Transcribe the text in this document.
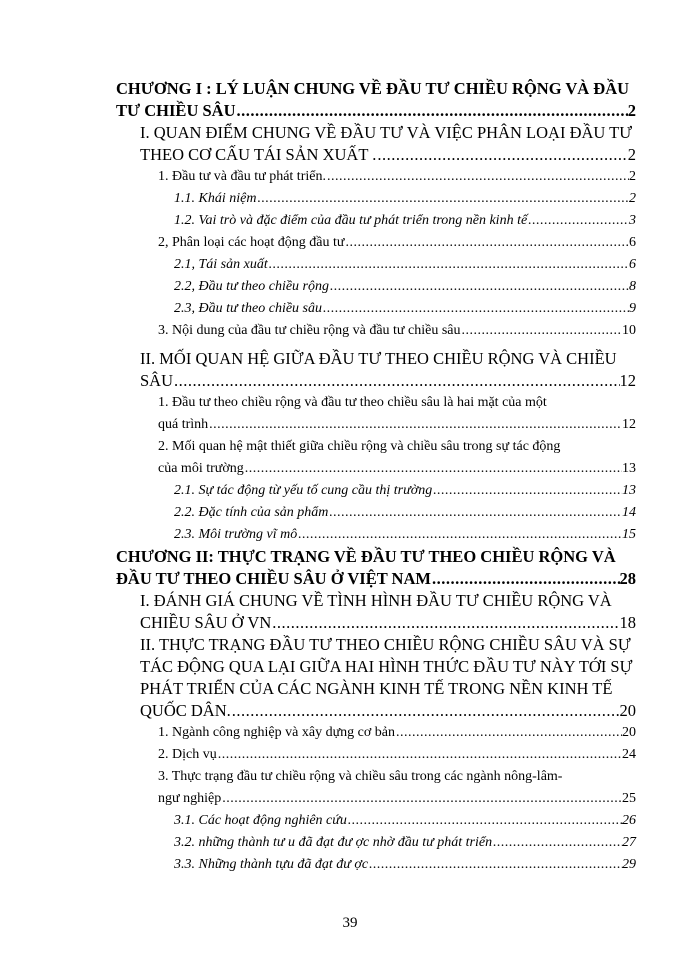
CHƯƠNG I : LÝ LUẬN CHUNG VỀ ĐẦU TƯ CHIỀU RỘNG VÀ ĐẦU
TƯ CHIỀU SÂU .....	2
I. QUAN ĐIỂM CHUNG VỀ ĐẦU TƯ VÀ VIỆC PHÂN LOẠI ĐẦU TƯ
THEO CƠ CẤU TÁI SẢN XUẤT . .....	2
1. Đầu tư và đầu tư phát triển. .....	2
1.1. Khái niệm .....	2
1.2. Vai trò và đặc điểm của đầu tư phát triển trong nền kinh tế .....	3
2, Phân loại các hoạt động đầu tư .....	6
2.1, Tái sản xuất .....	6
2.2, Đầu tư theo chiều rộng .....	8
2.3, Đầu tư theo chiều sâu .....	9
3. Nội dung của đầu tư chiều rộng và đầu tư chiều sâu .....	10
II. MỐI QUAN HỆ GIỮA ĐẦU TƯ THEO CHIỀU RỘNG VÀ CHIỀU
SÂU .....	12
1. Đầu tư theo chiều rộng và đầu tư theo chiều sâu là hai mặt của một
quá trình .....	12
2. Mối quan hệ mật thiết giữa chiều rộng và chiều sâu trong sự tác động
của môi trường .....	13
2.1. Sự tác động từ yếu tố cung cầu thị trường .....	13
2.2. Đặc tính của sản phẩm .....	14
2.3. Môi trường vĩ mô .....	15
CHƯƠNG II: THỰC TRẠNG VỀ ĐẦU TƯ THEO CHIỀU RỘNG VÀ
ĐẦU TƯ THEO CHIỀU SÂU Ở VIỆT NAM .....	28
I. ĐÁNH GIÁ CHUNG VỀ TÌNH HÌNH ĐẦU TƯ CHIỀU RỘNG VÀ
CHIỀU SÂU Ở VN .....	18
II. THỰC TRẠNG ĐẦU TƯ THEO CHIỀU RỘNG CHIỀU SÂU VÀ SỰ
TÁC ĐỘNG QUA LẠI GIỮA HAI HÌNH THỨC ĐẦU TƯ NÀY TỚI SỰ
PHÁT TRIỂN CỦA CÁC NGÀNH KINH TẾ TRONG NỀN KINH TẾ
QUỐC DÂN. .....	20
1. Ngành công nghiệp và xây dựng cơ bản .....	20
2. Dịch vụ .....	24
3. Thực trạng đầu tư chiều rộng và chiều sâu trong các ngành nông-lâm-
ngư nghiệp .....	25
3.1. Các hoạt động nghiên cứu .....	26
3.2. những thành tư u đã đạt đư ợc nhờ đầu tư phát triển .....	27
3.3. Những thành tựu đã đạt đư ợc .....	29
39
